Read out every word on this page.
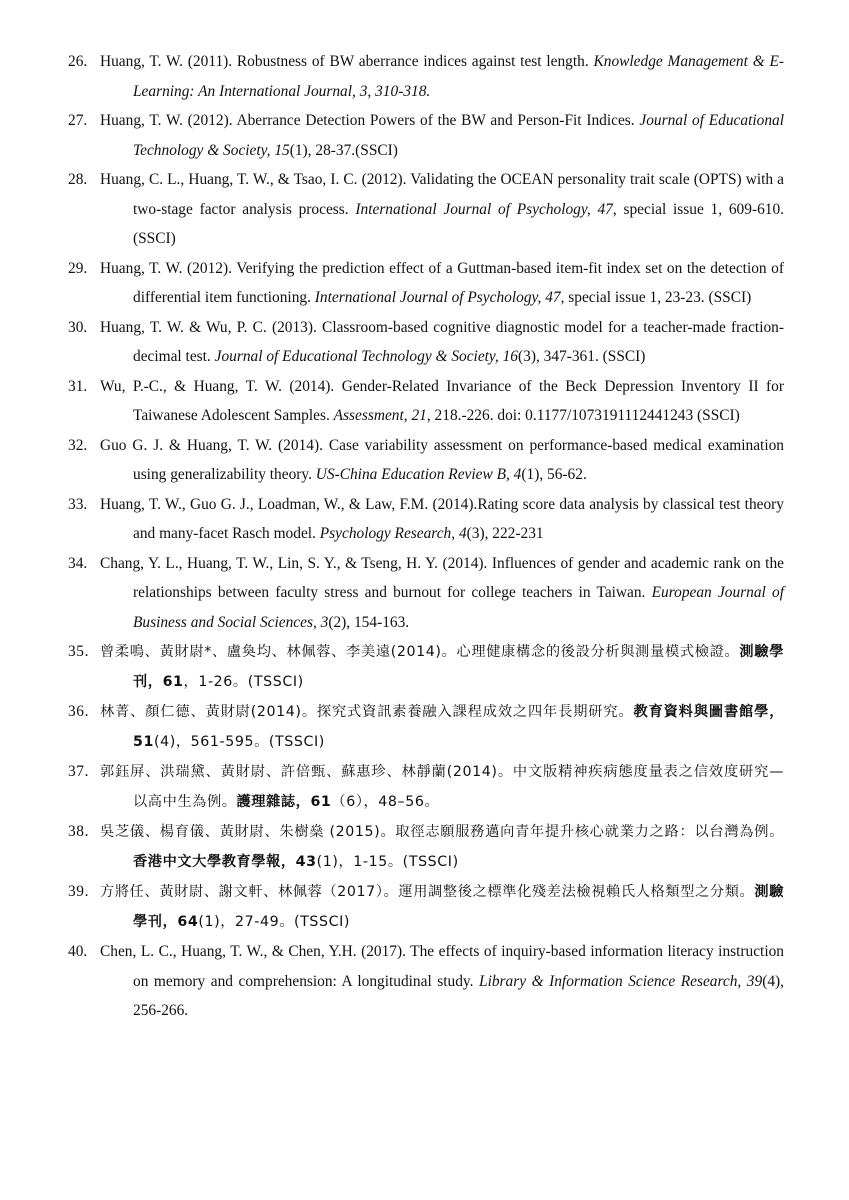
26. Huang, T. W. (2011). Robustness of BW aberrance indices against test length. Knowledge Management & E-Learning: An International Journal, 3, 310-318.
27. Huang, T. W. (2012). Aberrance Detection Powers of the BW and Person-Fit Indices. Journal of Educational Technology & Society, 15(1), 28-37.(SSCI)
28. Huang, C. L., Huang, T. W., & Tsao, I. C. (2012). Validating the OCEAN personality trait scale (OPTS) with a two-stage factor analysis process. International Journal of Psychology, 47, special issue 1, 609-610. (SSCI)
29. Huang, T. W. (2012). Verifying the prediction effect of a Guttman-based item-fit index set on the detection of differential item functioning. International Journal of Psychology, 47, special issue 1, 23-23. (SSCI)
30. Huang, T. W. & Wu, P. C. (2013). Classroom-based cognitive diagnostic model for a teacher-made fraction- decimal test. Journal of Educational Technology & Society, 16(3), 347-361. (SSCI)
31. Wu, P.-C., & Huang, T. W. (2014). Gender-Related Invariance of the Beck Depression Inventory II for Taiwanese Adolescent Samples. Assessment, 21, 218.-226. doi: 0.1177/1073191112441243 (SSCI)
32. Guo G. J. & Huang, T. W. (2014). Case variability assessment on performance-based medical examination using generalizability theory. US-China Education Review B, 4(1), 56-62.
33. Huang, T. W., Guo G. J., Loadman, W., & Law, F.M. (2014).Rating score data analysis by classical test theory and many-facet Rasch model. Psychology Research, 4(3), 222-231
34. Chang, Y. L., Huang, T. W., Lin, S. Y., & Tseng, H. Y. (2014). Influences of gender and academic rank on the relationships between faculty stress and burnout for college teachers in Taiwan. European Journal of Business and Social Sciences, 3(2), 154-163.
35. 曾柔鳴、黃財尉*、盧奐均、林佩蓉、李美遠(2014)。心理健康構念的後設分析與測量模式檢證。測驗學刊，61，1-26。(TSSCI)
36. 林菁、顏仁德、黃財尉(2014)。探究式資訊素養融入課程成效之四年長期研究。教育資料與圖書館學，51(4)，561-595。(TSSCI)
37. 郭鈺屏、洪瑞黛、黃財尉、許倍甄、蘇惠珍、林靜蘭(2014)。中文版精神疾病態度量表之信效度研究— 以高中生為例。護理雜誌，61（6），48–56。
38. 吳芝儀、楊育儀、黃財尉、朱樹燊 (2015)。取徑志願服務邁向青年提升核心就業力之路：以台灣為例。香港中文大學教育學報，43(1)，1-15。(TSSCI)
39. 方將任、黃財尉、謝文軒、林佩蓉（2017）。運用調整後之標準化殘差法檢視賴氏人格類型之分類。測驗學刊，64(1)，27-49。(TSSCI)
40. Chen, L. C., Huang, T. W., & Chen, Y.H. (2017). The effects of inquiry-based information literacy instruction on memory and comprehension: A longitudinal study. Library & Information Science Research, 39(4), 256-266.
